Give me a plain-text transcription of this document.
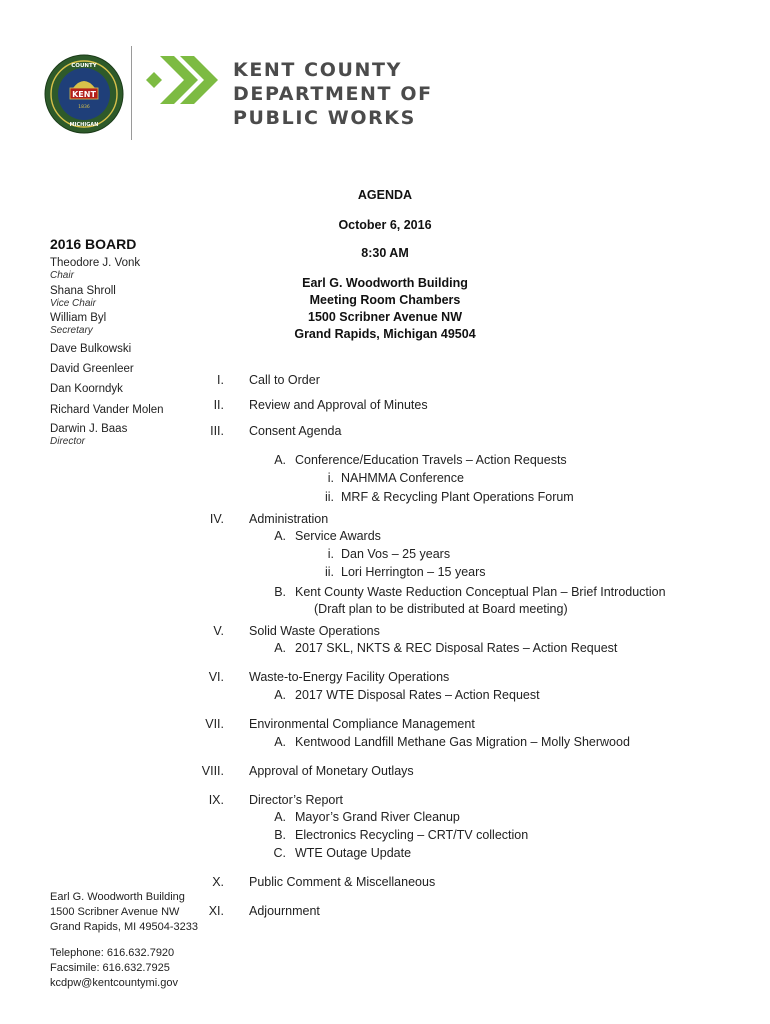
KENT
1836
COUNTY
MICHIGAN
KENT COUNTY
DEPARTMENT OF
PUBLIC WORKS
AGENDA
October 6, 2016
8:30 AM
Earl G. Woodworth Building
Meeting Room Chambers
1500 Scribner Avenue NW
Grand Rapids, Michigan 49504
2016 BOARD
Theodore J. Vonk
Chair
Shana Shroll
Vice Chair
William Byl
Secretary
Dave Bulkowski
David Greenleer
Dan Koorndyk
Richard Vander Molen
Darwin J. Baas
Director
Earl G. Woodworth Building
1500 Scribner Avenue NW
Grand Rapids, MI 49504-3233
Telephone: 616.632.7920
Facsimile: 616.632.7925
kcdpw@kentcountymi.gov
I. Call to Order
II. Review and Approval of Minutes
III. Consent Agenda
A. Conference/Education Travels – Action Requests
i. NAHMMA Conference
ii. MRF & Recycling Plant Operations Forum
IV. Administration
A. Service Awards
i. Dan Vos – 25 years
ii. Lori Herrington – 15 years
B. Kent County Waste Reduction Conceptual Plan – Brief Introduction
(Draft plan to be distributed at Board meeting)
V. Solid Waste Operations
A. 2017 SKL, NKTS & REC Disposal Rates – Action Request
VI. Waste-to-Energy Facility Operations
A. 2017 WTE Disposal Rates – Action Request
VII. Environmental Compliance Management
A. Kentwood Landfill Methane Gas Migration – Molly Sherwood
VIII. Approval of Monetary Outlays
IX. Director’s Report
A. Mayor’s Grand River Cleanup
B. Electronics Recycling – CRT/TV collection
C. WTE Outage Update
X. Public Comment & Miscellaneous
XI. Adjournment
